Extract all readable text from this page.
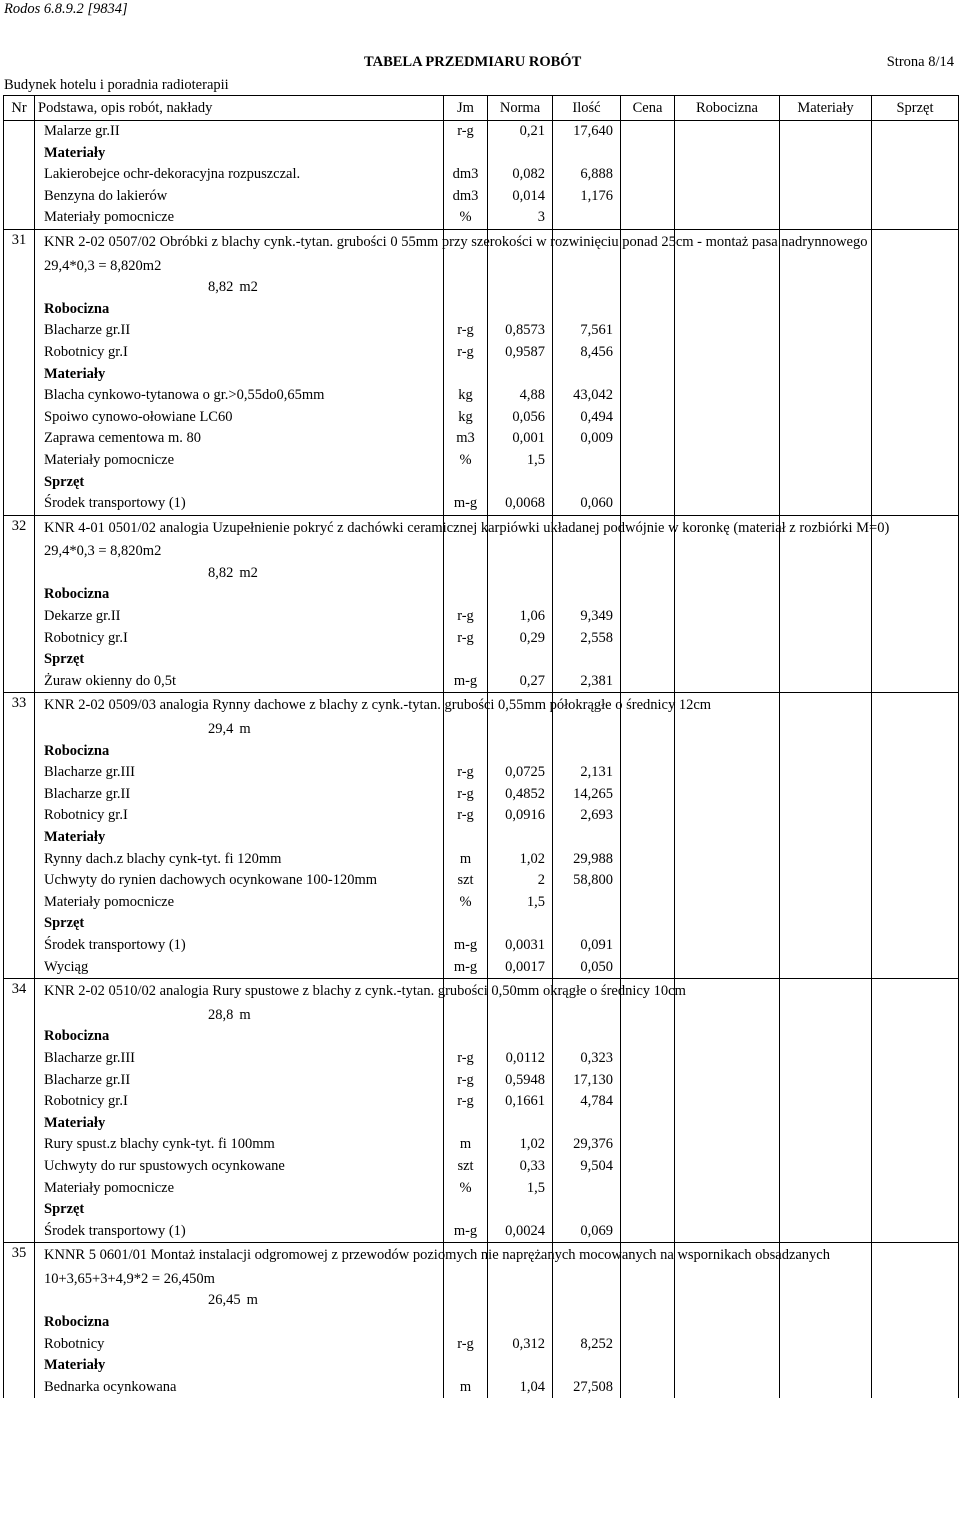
Rodos 6.8.9.2 [9834]
TABELA PRZEDMIARU ROBÓT	Strona 8/14
Budynek hotelu i poradnia radioterapii
Nr	Podstawa, opis robót, nakłady	Jm	Norma	Ilość	Cena	Robocizna	Materiały	Sprzęt
	Malarze gr.II	r-g	0,21	17,640				
	Materiały							
	Lakierobejce ochr-dekoracyjna rozpuszczal.	dm3	0,082	6,888				
	Benzyna do lakierów	dm3	0,014	1,176				
	Materiały pomocnicze	%	3					
31	KNR 2-02 0507/02 Obróbki z blachy cynk.-tytan. grubości 0 55mm przy szerokości w rozwinięciu ponad 25cm - montaż pasa nadrynnowego							
	29,4*0,3 = 8,820m2							
	8,82 m2							
	Robocizna							
	Blacharze gr.II	r-g	0,8573	7,561				
	Robotnicy gr.I	r-g	0,9587	8,456				
	Materiały							
	Blacha cynkowo-tytanowa o gr.>0,55do0,65mm	kg	4,88	43,042				
	Spoiwo cynowo-ołowiane LC60	kg	0,056	0,494				
	Zaprawa cementowa m. 80	m3	0,001	0,009				
	Materiały pomocnicze	%	1,5					
	Sprzęt							
	Środek transportowy (1)	m-g	0,0068	0,060				
32	KNR 4-01 0501/02 analogia Uzupełnienie pokryć z dachówki ceramicznej karpiówki układanej podwójnie w koronkę (materiał z rozbiórki M=0)							
	29,4*0,3 = 8,820m2							
	8,82 m2							
	Robocizna							
	Dekarze gr.II	r-g	1,06	9,349				
	Robotnicy gr.I	r-g	0,29	2,558				
	Sprzęt							
	Żuraw okienny do 0,5t	m-g	0,27	2,381				
33	KNR 2-02 0509/03 analogia Rynny dachowe z blachy z cynk.-tytan. grubości 0,55mm półokrągłe o średnicy 12cm							
	29,4 m							
	Robocizna							
	Blacharze gr.III	r-g	0,0725	2,131				
	Blacharze gr.II	r-g	0,4852	14,265				
	Robotnicy gr.I	r-g	0,0916	2,693				
	Materiały							
	Rynny dach.z blachy cynk-tyt. fi 120mm	m	1,02	29,988				
	Uchwyty do rynien dachowych ocynkowane 100-120mm	szt	2	58,800				
	Materiały pomocnicze	%	1,5					
	Sprzęt							
	Środek transportowy (1)	m-g	0,0031	0,091				
	Wyciąg	m-g	0,0017	0,050				
34	KNR 2-02 0510/02 analogia Rury spustowe z blachy z cynk.-tytan. grubości 0,50mm okrągłe o średnicy 10cm							
	28,8 m							
	Robocizna							
	Blacharze gr.III	r-g	0,0112	0,323				
	Blacharze gr.II	r-g	0,5948	17,130				
	Robotnicy gr.I	r-g	0,1661	4,784				
	Materiały							
	Rury spust.z blachy cynk-tyt. fi 100mm	m	1,02	29,376				
	Uchwyty do rur spustowych ocynkowane	szt	0,33	9,504				
	Materiały pomocnicze	%	1,5					
	Sprzęt							
	Środek transportowy (1)	m-g	0,0024	0,069				
35	KNNR 5 0601/01 Montaż instalacji odgromowej z przewodów poziomych nie naprężanych mocowanych na wspornikach obsadzanych							
	10+3,65+3+4,9*2 = 26,450m							
	26,45 m							
	Robocizna							
	Robotnicy	r-g	0,312	8,252				
	Materiały							
	Bednarka ocynkowana	m	1,04	27,508				
